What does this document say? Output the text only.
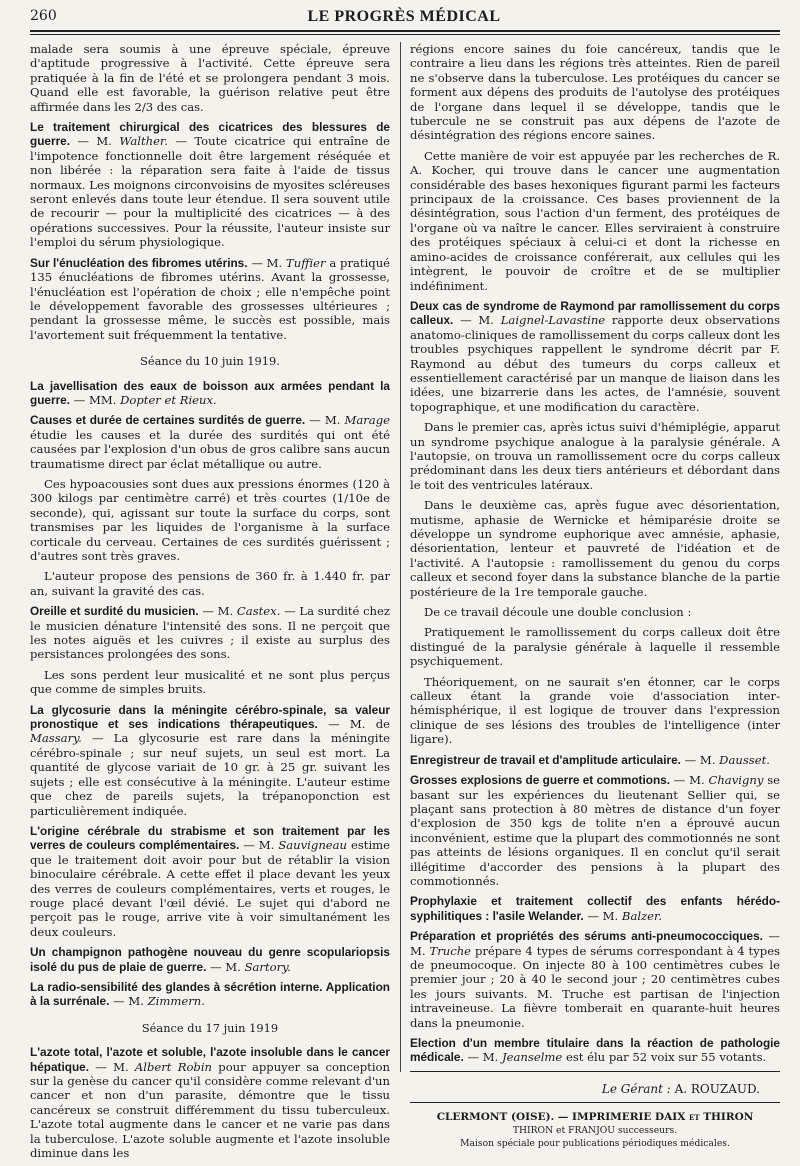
260	LE PROGRÈS MÉDICAL

malade sera soumis à une épreuve spéciale, épreuve d'aptitude progressive à l'activité. Cette épreuve sera pratiquée à la fin de l'été et se prolongera pendant 3 mois. Quand elle est favorable, la guérison relative peut être affirmée dans les 2/3 des cas.

Le traitement chirurgical des cicatrices des blessures de guerre. — M. Walther. — Toute cicatrice qui entraîne de l'impotence fonctionnelle doit être largement réséquée et non libérée : la réparation sera faite à l'aide de tissus normaux. Les moignons circonvoisins de myosites scléreuses seront enlevés dans toute leur étendue. Il sera souvent utile de recourir — pour la multiplicité des cicatrices — à des opérations successives. Pour la réussite, l'auteur insiste sur l'emploi du sérum physiologique.

Sur l'énucléation des fibromes utérins. — M. Tuffier a pratiqué 135 énucléations de fibromes utérins. Avant la grossesse, l'énucléation est l'opération de choix ; elle n'empêche point le développement favorable des grossesses ultérieures ; pendant la grossesse même, le succès est possible, mais l'avortement suit fréquemment la tentative.

Séance du 10 juin 1919.

La javellisation des eaux de boisson aux armées pendant la guerre. — MM. Dopter et Rieux.

Causes et durée de certaines surdités de guerre. — M. Marage étudie les causes et la durée des surdités qui ont été causées par l'explosion d'un obus de gros calibre sans aucun traumatisme direct par éclat métallique ou autre.

Ces hypoacousies sont dues aux pressions énormes (120 à 300 kilogs par centimètre carré) et très courtes (1/10e de seconde), qui, agissant sur toute la surface du corps, sont transmises par les liquides de l'organisme à la surface corticale du cerveau. Certaines de ces surdités guérissent ; d'autres sont très graves.

L'auteur propose des pensions de 360 fr. à 1.440 fr. par an, suivant la gravité des cas.

Oreille et surdité du musicien. — M. Castex. — La surdité chez le musicien dénature l'intensité des sons. Il ne perçoit que les notes aiguës et les cuivres ; il existe au surplus des persistances prolongées des sons.

Les sons perdent leur musicalité et ne sont plus perçus que comme de simples bruits.

La glycosurie dans la méningite cérébro-spinale, sa valeur pronostique et ses indications thérapeutiques. — M. de Massary. — La glycosurie est rare dans la méningite cérébro-spinale ; sur neuf sujets, un seul est mort. La quantité de glycose variait de 10 gr. à 25 gr. suivant les sujets ; elle est consécutive à la méningite. L'auteur estime que chez de pareils sujets, la trépanoponction est particulièrement indiquée.

L'origine cérébrale du strabisme et son traitement par les verres de couleurs complémentaires. — M. Sauvigneau estime que le traitement doit avoir pour but de rétablir la vision binoculaire cérébrale. A cette effet il place devant les yeux des verres de couleurs complémentaires, verts et rouges, le rouge placé devant l'œil dévié. Le sujet qui d'abord ne perçoit pas le rouge, arrive vite à voir simultanément les deux couleurs.

Un champignon pathogène nouveau du genre scopulariopsis isolé du pus de plaie de guerre. — M. Sartory.

La radio-sensibilité des glandes à sécrétion interne. Application à la surrénale. — M. Zimmern.

Séance du 17 juin 1919

L'azote total, l'azote et soluble, l'azote insoluble dans le cancer hépatique. — M. Albert Robin pour appuyer sa conception sur la genèse du cancer qu'il considère comme relevant d'un cancer et non d'un parasite, démontre que le tissu cancéreux se construit différemment du tissu tuberculeux. L'azote total augmente dans le cancer et ne varie pas dans la tuberculose. L'azote soluble augmente et l'azote insoluble diminue dans les

régions encore saines du foie cancéreux, tandis que le contraire a lieu dans les régions très atteintes. Rien de pareil ne s'observe dans la tuberculose. Les protéiques du cancer se forment aux dépens des produits de l'autolyse des protéiques de l'organe dans lequel il se développe, tandis que le tubercule ne se construit pas aux dépens de l'azote de désintégration des régions encore saines.

Cette manière de voir est appuyée par les recherches de R. A. Kocher, qui trouve dans le cancer une augmentation considérable des bases hexoniques figurant parmi les facteurs principaux de la croissance. Ces bases proviennent de la désintégration, sous l'action d'un ferment, des protéiques de l'organe où va naître le cancer. Elles serviraient à construire des protéiques spéciaux à celui-ci et dont la richesse en amino-acides de croissance conférerait, aux cellules qui les intègrent, le pouvoir de croître et de se multiplier indéfiniment.

Deux cas de syndrome de Raymond par ramollissement du corps calleux. — M. Laignel-Lavastine rapporte deux observations anatomo-cliniques de ramollissement du corps calleux dont les troubles psychiques rappellent le syndrome décrit par F. Raymond au début des tumeurs du corps calleux et essentiellement caractérisé par un manque de liaison dans les idées, une bizarrerie dans les actes, de l'amnésie, souvent topographique, et une modification du caractère.

Dans le premier cas, après ictus suivi d'hémiplégie, apparut un syndrome psychique analogue à la paralysie générale. A l'autopsie, on trouva un ramollissement ocre du corps calleux prédominant dans les deux tiers antérieurs et débordant dans le toit des ventricules latéraux.

Dans le deuxième cas, après fugue avec désorientation, mutisme, aphasie de Wernicke et hémiparésie droite se développe un syndrome euphorique avec amnésie, aphasie, désorientation, lenteur et pauvreté de l'idéation et de l'activité. A l'autopsie : ramollissement du genou du corps calleux et second foyer dans la substance blanche de la partie postérieure de la 1re temporale gauche.

De ce travail découle une double conclusion :

Pratiquement le ramollissement du corps calleux doit être distingué de la paralysie générale à laquelle il ressemble psychiquement.

Théoriquement, on ne saurait s'en étonner, car le corps calleux étant la grande voie d'association inter-hémisphérique, il est logique de trouver dans l'expression clinique de ses lésions des troubles de l'intelligence (inter ligare).

Enregistreur de travail et d'amplitude articulaire. — M. Dausset.

Grosses explosions de guerre et commotions. — M. Chavigny se basant sur les expériences du lieutenant Sellier qui, se plaçant sans protection à 80 mètres de distance d'un foyer d'explosion de 350 kgs de tolite n'en a éprouvé aucun inconvénient, estime que la plupart des commotionnés ne sont pas atteints de lésions organiques. Il en conclut qu'il serait illégitime d'accorder des pensions à la plupart des commotionnés.

Prophylaxie et traitement collectif des enfants hérédo-syphilitiques : l'asile Welander. — M. Balzer.

Préparation et propriétés des sérums anti-pneumococciques. — M. Truche prépare 4 types de sérums correspondant à 4 types de pneumocoque. On injecte 80 à 100 centimètres cubes le premier jour ; 20 à 40 le second jour ; 20 centimètres cubes les jours suivants. M. Truche est partisan de l'injection intraveineuse. La fièvre tomberait en quarante-huit heures dans la pneumonie.

Election d'un membre titulaire dans la réaction de pathologie médicale. — M. Jeanselme est élu par 52 voix sur 55 votants.

Le Gérant : A. ROUZAUD.
CLERMONT (OISE). — IMPRIMERIE DAIX et THIRON
THIRON et FRANJOU successeurs.
Maison spéciale pour publications périodiques médicales.
